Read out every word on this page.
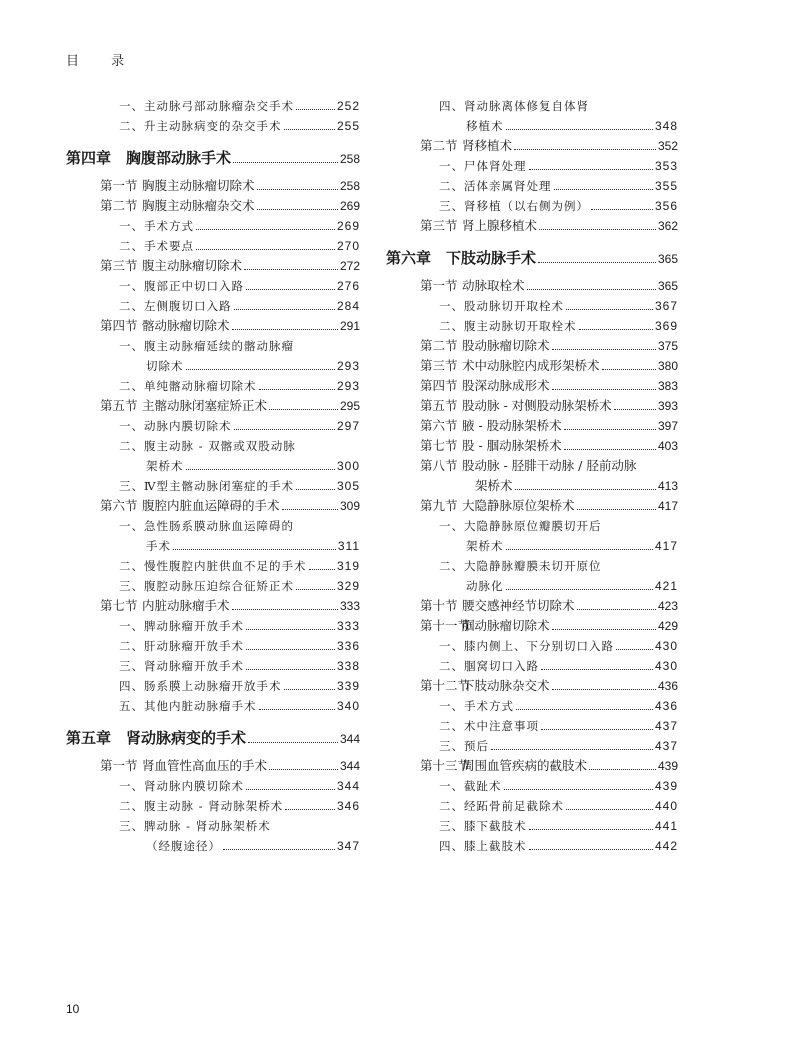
目 录
一、主动脉弓部动脉瘤杂交手术	252
二、升主动脉病变的杂交手术	255
第四章　胸腹部动脉手术	258
第一节 胸腹主动脉瘤切除术	258
第二节 胸腹主动脉瘤杂交术	269
一、手术方式	269
二、手术要点	270
第三节 腹主动脉瘤切除术	272
一、腹部正中切口入路	276
二、左侧腹切口入路	284
第四节 髂动脉瘤切除术	291
一、腹主动脉瘤延续的髂动脉瘤
切除术	293
二、单纯髂动脉瘤切除术	293
第五节 主髂动脉闭塞症矫正术	295
一、动脉内膜切除术	297
二、腹主动脉 - 双髂或双股动脉
架桥术	300
三、Ⅳ型主髂动脉闭塞症的手术	305
第六节 腹腔内脏血运障碍的手术	309
一、急性肠系膜动脉血运障碍的
手术	311
二、慢性腹腔内脏供血不足的手术	319
三、腹腔动脉压迫综合征矫正术	329
第七节 内脏动脉瘤手术	333
一、脾动脉瘤开放手术	333
二、肝动脉瘤开放手术	336
三、肾动脉瘤开放手术	338
四、肠系膜上动脉瘤开放手术	339
五、其他内脏动脉瘤手术	340
第五章　肾动脉病变的手术	344
第一节 肾血管性高血压的手术	344
一、肾动脉内膜切除术	344
二、腹主动脉 - 肾动脉架桥术	346
三、脾动脉 - 肾动脉架桥术
（经腹途径）	347
四、肾动脉离体修复自体肾
移植术	348
第二节 肾移植术	352
一、尸体肾处理	353
二、活体亲属肾处理	355
三、肾移植（以右侧为例）	356
第三节 肾上腺移植术	362
第六章　下肢动脉手术	365
第一节 动脉取栓术	365
一、股动脉切开取栓术	367
二、腹主动脉切开取栓术	369
第二节 股动脉瘤切除术	375
第三节 术中动脉腔内成形架桥术	380
第四节 股深动脉成形术	383
第五节 股动脉 - 对侧股动脉架桥术	393
第六节 腋 - 股动脉架桥术	397
第七节 股 - 腘动脉架桥术	403
第八节 股动脉 - 胫腓干动脉 / 胫前动脉
架桥术	413
第九节 大隐静脉原位架桥术	417
一、大隐静脉原位瓣膜切开后
架桥术	417
二、大隐静脉瓣膜未切开原位
动脉化	421
第十节 腰交感神经节切除术	423
第十一节腘动脉瘤切除术	429
一、膝内侧上、下分别切口入路	430
二、腘窝切口入路	430
第十二节下肢动脉杂交术	436
一、手术方式	436
二、术中注意事项	437
三、预后	437
第十三节周围血管疾病的截肢术	439
一、截趾术	439
二、经跖骨前足截除术	440
三、膝下截肢术	441
四、膝上截肢术	442
10
